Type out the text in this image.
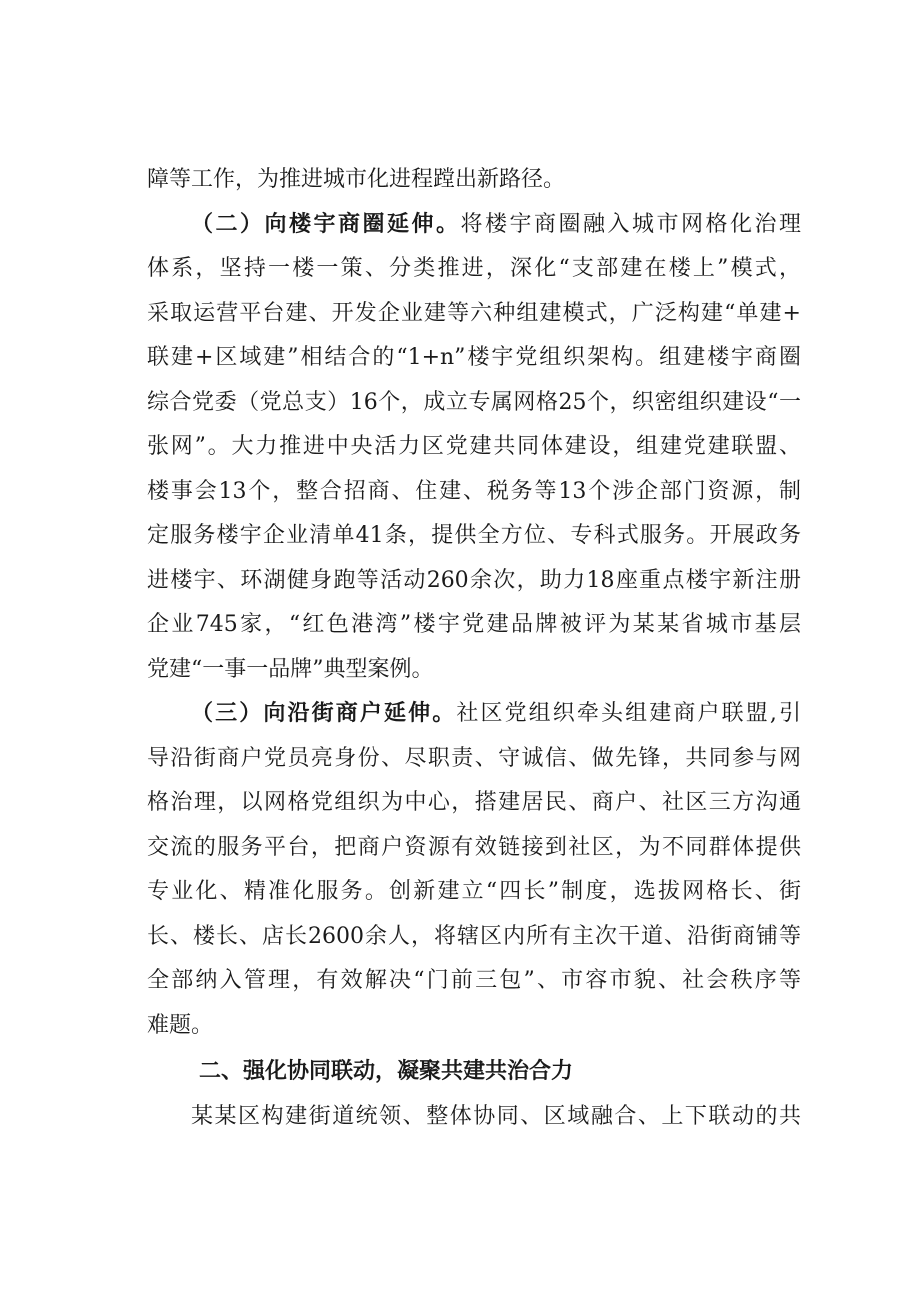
障等工作，为推进城市化进程蹚出新路径。
（二）向楼宇商圈延伸。将楼宇商圈融入城市网格化治理
体系，坚持一楼一策、分类推进，深化“支部建在楼上”模式，
采取运营平台建、开发企业建等六种组建模式，广泛构建“单建+
联建+区域建”相结合的“1+n”楼宇党组织架构。组建楼宇商圈
综合党委（党总支）16个，成立专属网格25个，织密组织建设“一
张网”。大力推进中央活力区党建共同体建设，组建党建联盟、
楼事会13个，整合招商、住建、税务等13个涉企部门资源，制
定服务楼宇企业清单41条，提供全方位、专科式服务。开展政务
进楼宇、环湖健身跑等活动260余次，助力18座重点楼宇新注册
企业745家，“红色港湾”楼宇党建品牌被评为某某省城市基层
党建“一事一品牌”典型案例。
（三）向沿街商户延伸。社区党组织牵头组建商户联盟,引
导沿街商户党员亮身份、尽职责、守诚信、做先锋，共同参与网
格治理，以网格党组织为中心，搭建居民、商户、社区三方沟通
交流的服务平台，把商户资源有效链接到社区，为不同群体提供
专业化、精准化服务。创新建立“四长”制度，选拔网格长、街
长、楼长、店长2600余人，将辖区内所有主次干道、沿街商铺等
全部纳入管理，有效解决“门前三包”、市容市貌、社会秩序等
难题。
二、强化协同联动，凝聚共建共治合力
某某区构建街道统领、整体协同、区域融合、上下联动的共
